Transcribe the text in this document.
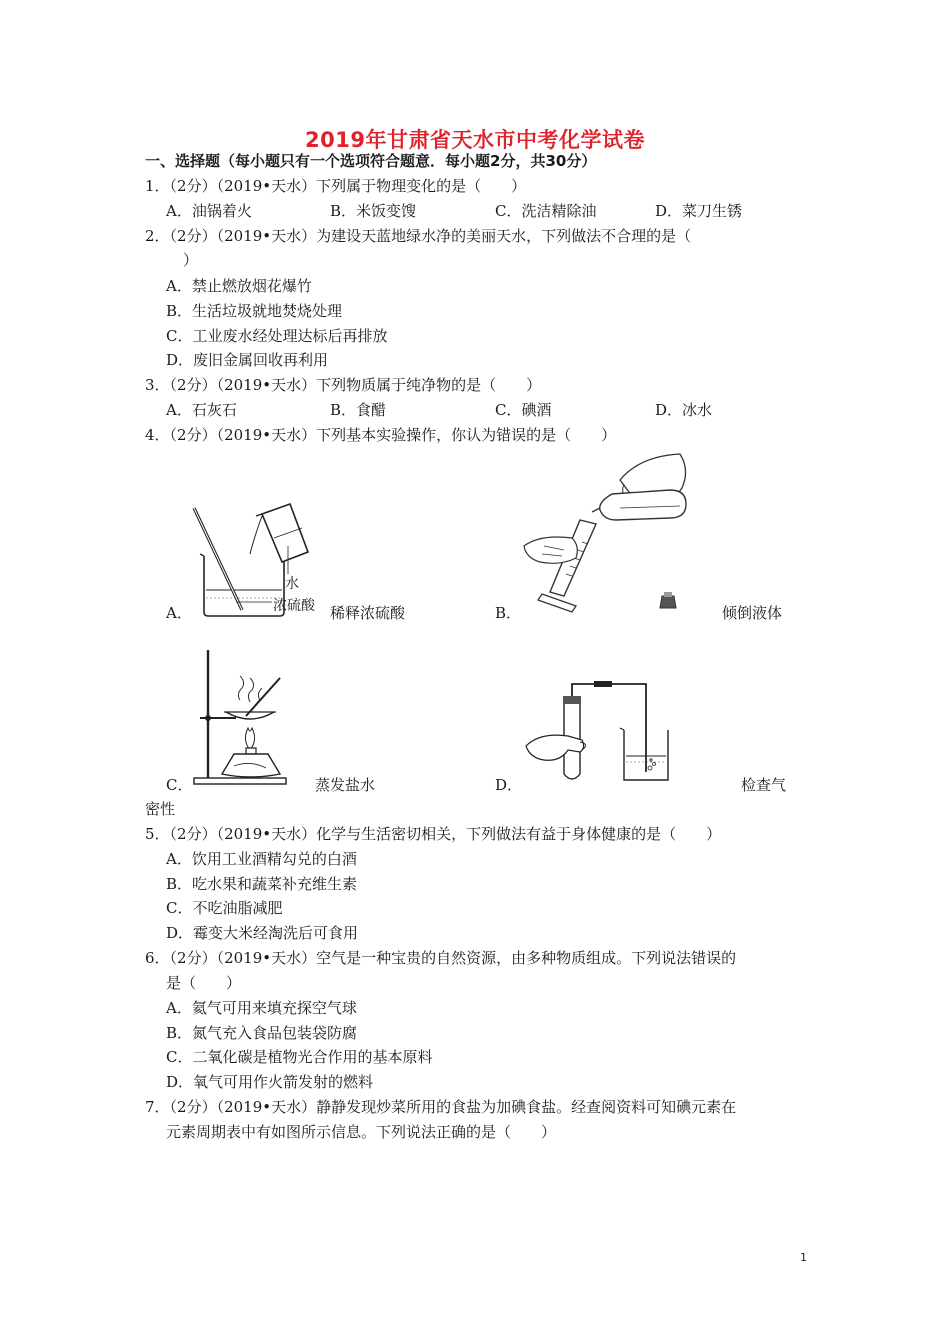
2019年甘肃省天水市中考化学试卷
一、选择题（每小题只有一个选项符合题意．每小题2分，共30分）
1．（2分）（2019•天水）下列属于物理变化的是（　　）
A．油锅着火	B．米饭变馊	C．洗洁精除油	D．菜刀生锈
2．（2分）（2019•天水）为建设天蓝地绿水净的美丽天水，下列做法不合理的是（
）
A．禁止燃放烟花爆竹
B．生活垃圾就地焚烧处理
C．工业废水经处理达标后再排放
D．废旧金属回收再利用
3．（2分）（2019•天水）下列物质属于纯净物的是（　　）
A．石灰石	B．食醋	C．碘酒	D．冰水
4．（2分）（2019•天水）下列基本实验操作，你认为错误的是（　　）
水
浓硫酸
A．	稀释浓硫酸	B．	倾倒液体
C．	蒸发盐水	D．	检查气
密性
5．（2分）（2019•天水）化学与生活密切相关，下列做法有益于身体健康的是（　　）
A．饮用工业酒精勾兑的白酒
B．吃水果和蔬菜补充维生素
C．不吃油脂减肥
D．霉变大米经淘洗后可食用
6．（2分）（2019•天水）空气是一种宝贵的自然资源，由多种物质组成。下列说法错误的
是（　　）
A．氦气可用来填充探空气球
B．氮气充入食品包装袋防腐
C．二氧化碳是植物光合作用的基本原料
D．氧气可用作火箭发射的燃料
7．（2分）（2019•天水）静静发现炒菜所用的食盐为加碘食盐。经查阅资料可知碘元素在
元素周期表中有如图所示信息。下列说法正确的是（　　）
1
